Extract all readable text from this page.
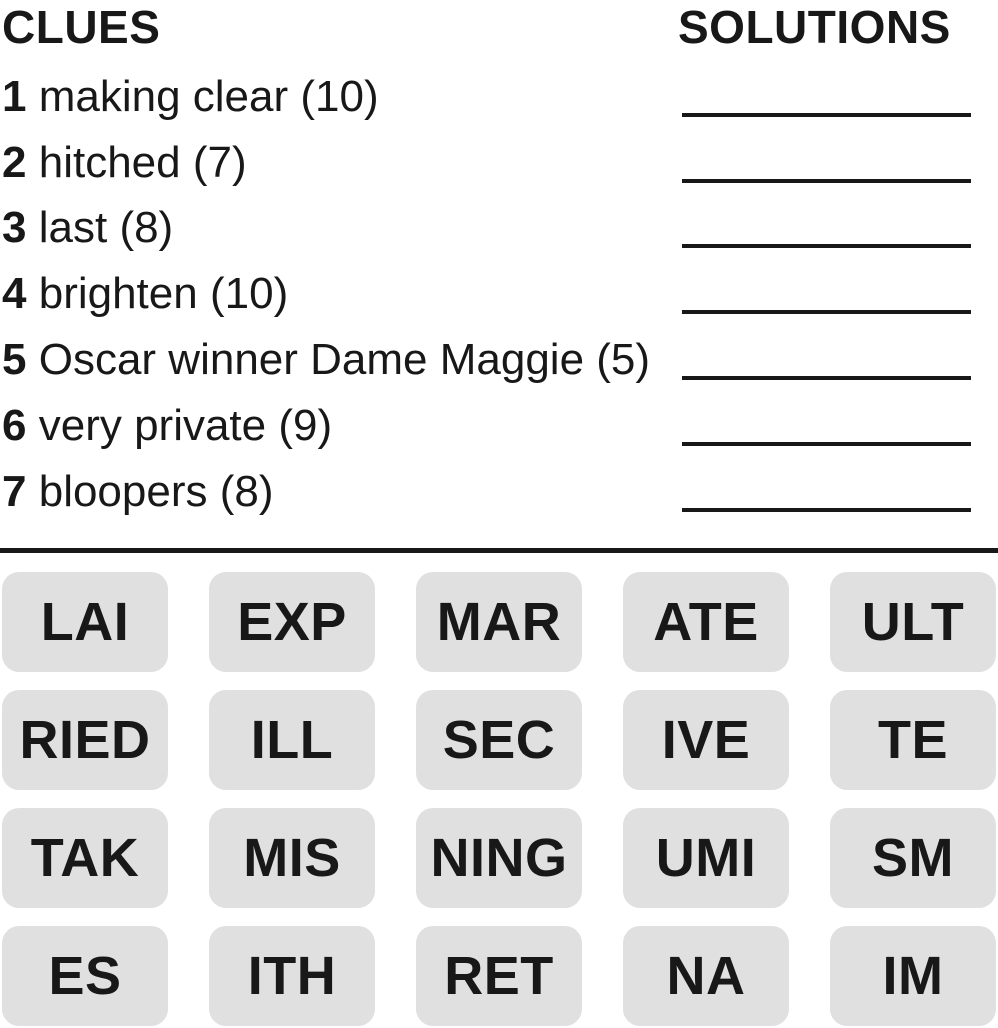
CLUES	SOLUTIONS
1 making clear (10)
2 hitched (7)
3 last (8)
4 brighten (10)
5 Oscar winner Dame Maggie (5)
6 very private (9)
7 bloopers (8)
LAI	EXP	MAR	ATE	ULT
RIED	ILL	SEC	IVE	TE
TAK	MIS	NING	UMI	SM
ES	ITH	RET	NA	IM
